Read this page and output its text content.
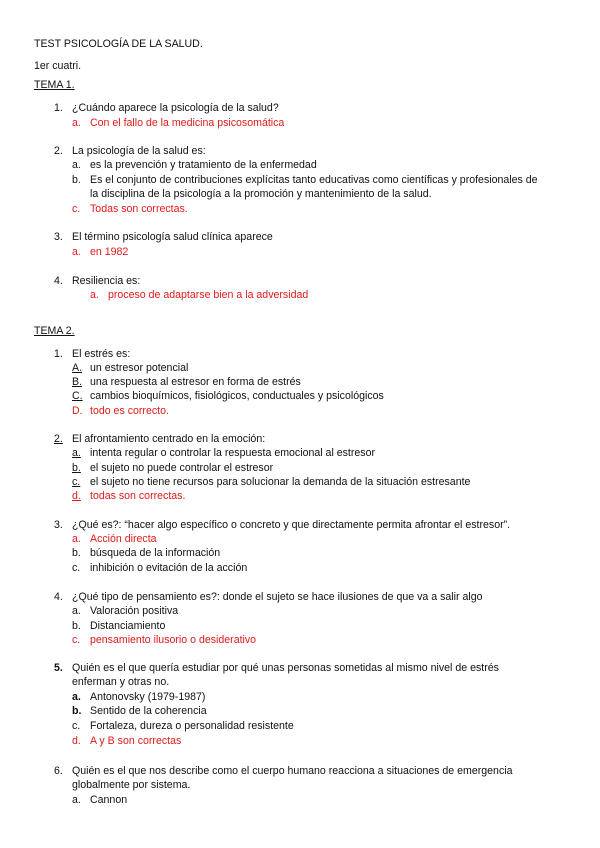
TEST PSICOLOGÍA DE LA SALUD.
1er cuatri.
TEMA 1.
1. ¿Cuándo aparece la psicología de la salud?
a. Con el fallo de la medicina psicosomática
2. La psicología de la salud es:
a. es la prevención y tratamiento de la enfermedad
b. Es el conjunto de contribuciones explícitas tanto educativas como científicas y profesionales de
la disciplina de la psicología a la promoción y mantenimiento de la salud.
c. Todas son correctas.
3. El término psicología salud clínica aparece
a. en 1982
4. Resiliencia es:
a. proceso de adaptarse bien a la adversidad
TEMA 2.
1. El estrés es:
A. un estresor potencial
B. una respuesta al estresor en forma de estrés
C. cambios bioquímicos, fisiológicos, conductuales y psicológicos
D. todo es correcto.
2. El afrontamiento centrado en la emoción:
a. intenta regular o controlar la respuesta emocional al estresor
b. el sujeto no puede controlar el estresor
c. el sujeto no tiene recursos para solucionar la demanda de la situación estresante
d. todas son correctas.
3. ¿Qué es?: “hacer algo específico o concreto y que directamente permita afrontar el estresor”.
a. Acción directa
b. búsqueda de la información
c. inhibición o evitación de la acción
4. ¿Qué tipo de pensamiento es?: donde el sujeto se hace ilusiones de que va a salir algo
a. Valoración positiva
b. Distanciamiento
c. pensamiento ilusorio o desiderativo
5. Quién es el que quería estudiar por qué unas personas sometidas al mismo nivel de estrés
enferman y otras no.
a. Antonovsky (1979-1987)
b. Sentido de la coherencia
c. Fortaleza, dureza o personalidad resistente
d. A y B son correctas
6. Quién es el que nos describe como el cuerpo humano reacciona a situaciones de emergencia
globalmente por sistema.
a. Cannon
